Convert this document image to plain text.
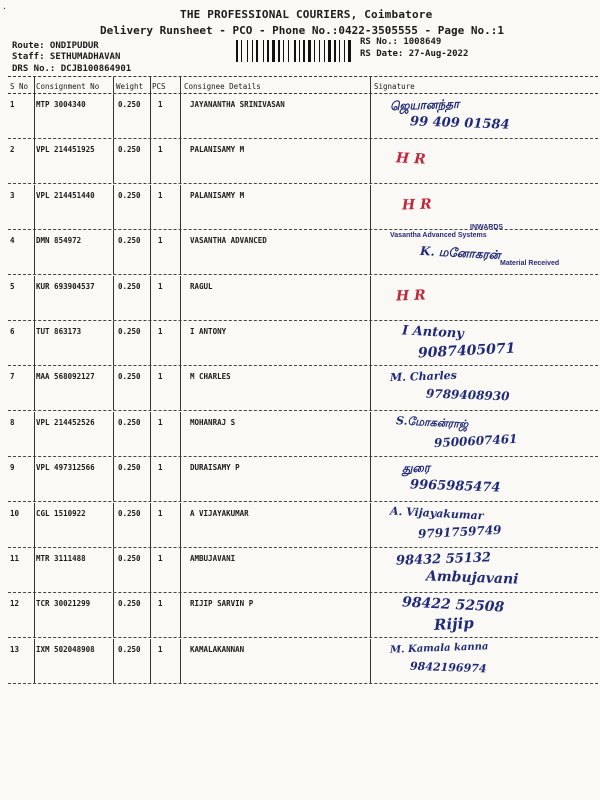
.
THE PROFESSIONAL COURIERS, Coimbatore
Delivery Runsheet - PCO - Phone No.:0422-3505555 - Page No.:1
Route: ONDIPUDUR
Staff: SETHUMADHAVAN
DRS No.: DCJB100864901
RS No.: 1008649
RS Date: 27-Aug-2022
S No Consignment No Weight PCS Consignee Details	Signature
1	MTP 3004340	0.250 1	JAYANANTHA SRINIVASAN	ஜெயானந்தா
99 409 01584
2	VPL 214451925	0.250 1	PALANISAMY M
H R
3	VPL 214451440	0.250 1	PALANISAMY M
H R
4	DMN 854972	0.250 1	VASANTHA ADVANCED
K. மனோகரன்
INWARDS
Vasantha Advanced Systems
Material Received
5	KUR 693904537	0.250 1	RAGUL
H R
6	TUT 863173	0.250 1	I ANTONY	I Antony
9087405071
7	MAA 568092127	0.250 1	M CHARLES	M. Charles
9789408930
8	VPL 214452526	0.250 1	MOHANRAJ S	S.மோகன்ராஜ்
9500607461
9	VPL 497312566	0.250 1	DURAISAMY P	துரை
9965985474
10 CGL 1510922	0.250 1	A VIJAYAKUMAR	A. Vijayakumar
9791759749
11 MTR 3111488	0.250 1	AMBUJAVANI	98432 55132
Ambujavani
12 TCR 30021299	0.250 1	RIJIP SARVIN P	98422 52508
Rijip
13 IXM 502048908	0.250 1	KAMALAKANNAN	M. Kamala kanna
9842196974
